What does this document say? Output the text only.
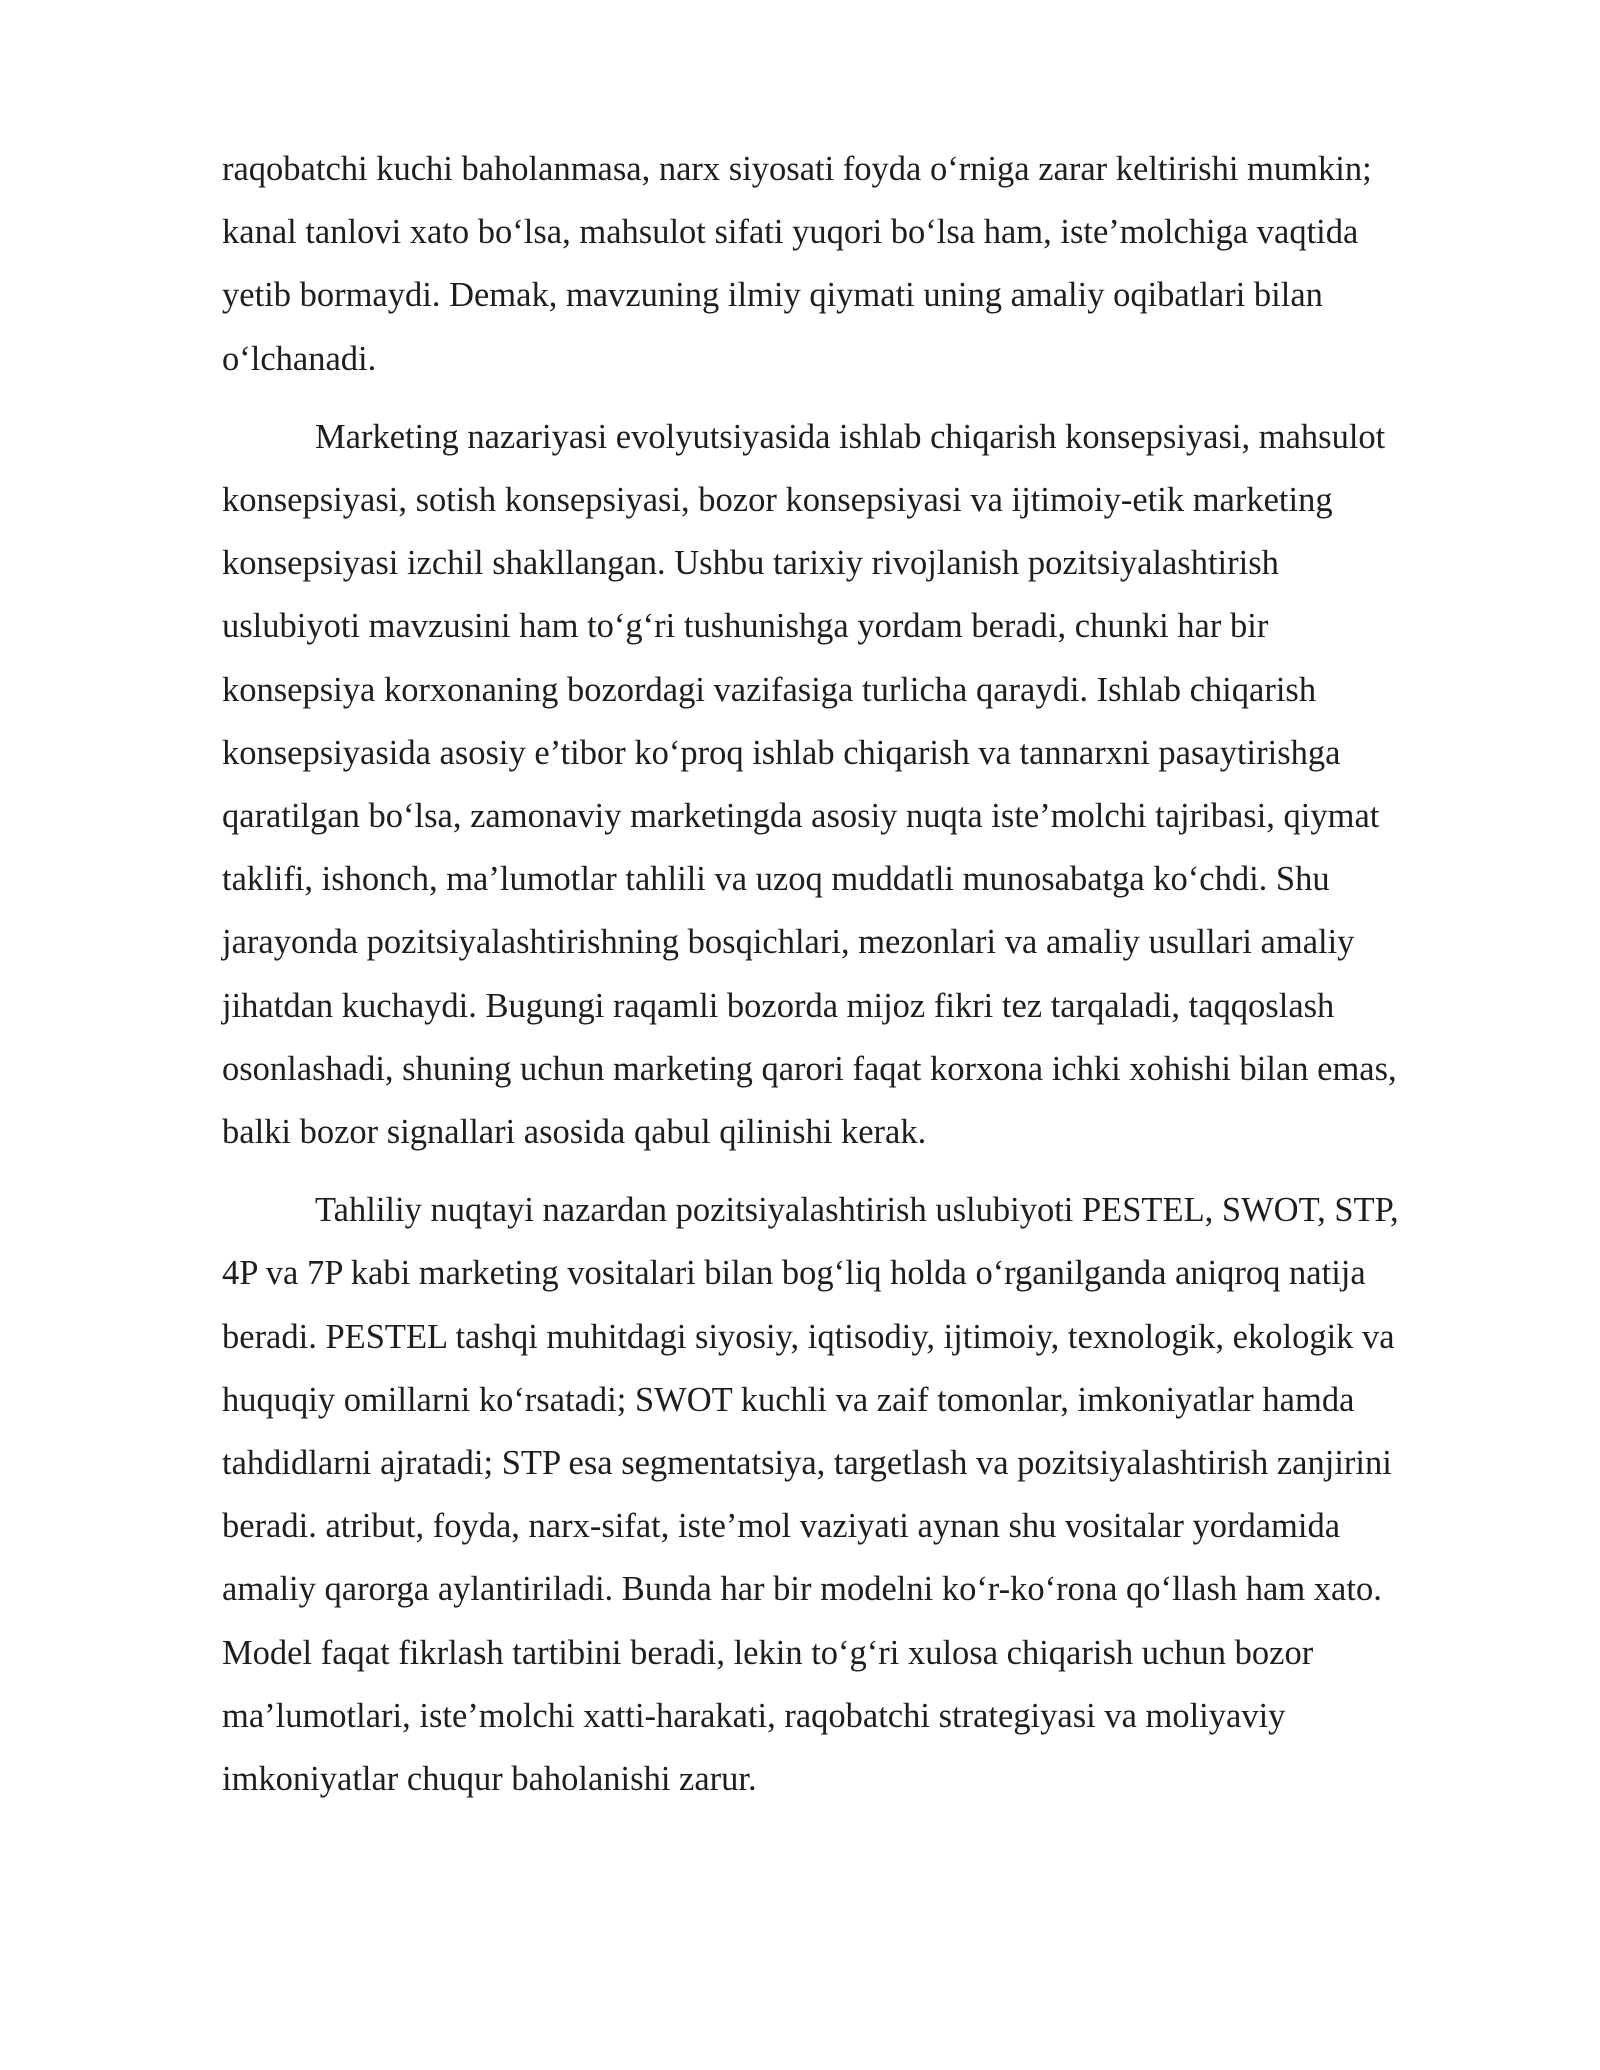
raqobatchi kuchi baholanmasa, narx siyosati foyda o‘rniga zarar keltirishi mumkin;
kanal tanlovi xato bo‘lsa, mahsulot sifati yuqori bo‘lsa ham, iste’molchiga vaqtida
yetib bormaydi. Demak, mavzuning ilmiy qiymati uning amaliy oqibatlari bilan
o‘lchanadi.

Marketing nazariyasi evolyutsiyasida ishlab chiqarish konsepsiyasi, mahsulot
konsepsiyasi, sotish konsepsiyasi, bozor konsepsiyasi va ijtimoiy-etik marketing
konsepsiyasi izchil shakllangan. Ushbu tarixiy rivojlanish pozitsiyalashtirish
uslubiyoti mavzusini ham to‘g‘ri tushunishga yordam beradi, chunki har bir
konsepsiya korxonaning bozordagi vazifasiga turlicha qaraydi. Ishlab chiqarish
konsepsiyasida asosiy e’tibor ko‘proq ishlab chiqarish va tannarxni pasaytirishga
qaratilgan bo‘lsa, zamonaviy marketingda asosiy nuqta iste’molchi tajribasi, qiymat
taklifi, ishonch, ma’lumotlar tahlili va uzoq muddatli munosabatga ko‘chdi. Shu
jarayonda pozitsiyalashtirishning bosqichlari, mezonlari va amaliy usullari amaliy
jihatdan kuchaydi. Bugungi raqamli bozorda mijoz fikri tez tarqaladi, taqqoslash
osonlashadi, shuning uchun marketing qarori faqat korxona ichki xohishi bilan emas,
balki bozor signallari asosida qabul qilinishi kerak.

Tahliliy nuqtayi nazardan pozitsiyalashtirish uslubiyoti PESTEL, SWOT, STP,
4P va 7P kabi marketing vositalari bilan bog‘liq holda o‘rganilganda aniqroq natija
beradi. PESTEL tashqi muhitdagi siyosiy, iqtisodiy, ijtimoiy, texnologik, ekologik va
huquqiy omillarni ko‘rsatadi; SWOT kuchli va zaif tomonlar, imkoniyatlar hamda
tahdidlarni ajratadi; STP esa segmentatsiya, targetlash va pozitsiyalashtirish zanjirini
beradi. atribut, foyda, narx-sifat, iste’mol vaziyati aynan shu vositalar yordamida
amaliy qarorga aylantiriladi. Bunda har bir modelni ko‘r-ko‘rona qo‘llash ham xato.
Model faqat fikrlash tartibini beradi, lekin to‘g‘ri xulosa chiqarish uchun bozor
ma’lumotlari, iste’molchi xatti-harakati, raqobatchi strategiyasi va moliyaviy
imkoniyatlar chuqur baholanishi zarur.
